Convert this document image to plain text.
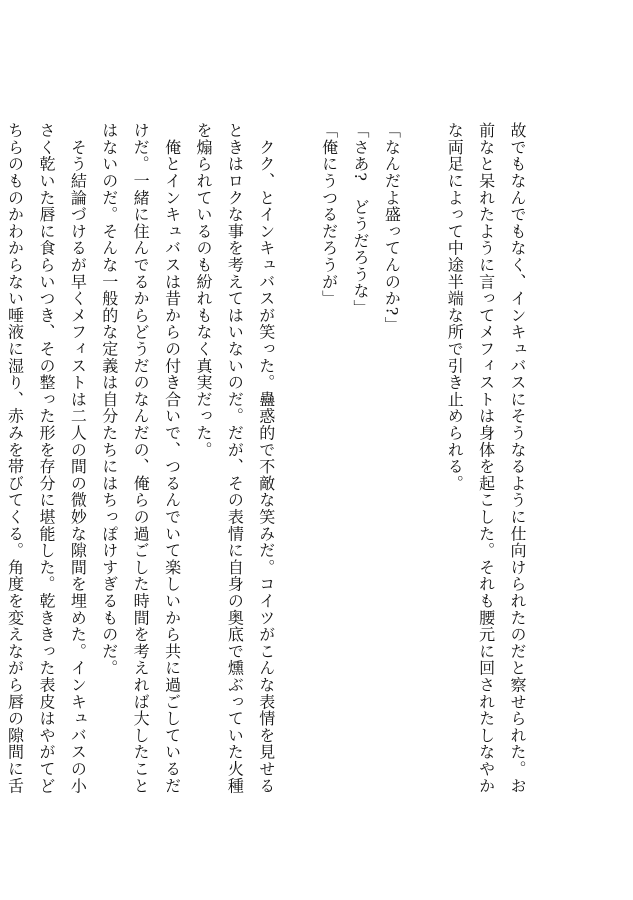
故でもなんでもなく、インキュバスにそうなるように仕向けられたのだと察せられた。お
前なと呆れたように言ってメフィストは身体を起こした。それも腰元に回されたしなやか
な両足によって中途半端な所で引き止められる。
「なんだよ盛ってんのか?」
「さあ?　どうだろうな」
「俺にうつるだろうが」
　クク、とインキュバスが笑った。蠱惑的で不敵な笑みだ。コイツがこんな表情を見せる
ときはロクな事を考えてはいないのだ。だが、その表情に自身の奥底で燻ぶっていた火種
を煽られているのも紛れもなく真実だった。
　俺とインキュバスは昔からの付き合いで、つるんでいて楽しいから共に過ごしているだ
けだ。一緒に住んでるからどうだのなんだの、俺らの過ごした時間を考えれば大したこと
はないのだ。そんな一般的な定義は自分たちにはちっぽけすぎるものだ。
　そう結論づけるが早くメフィストは二人の間の微妙な隙間を埋めた。インキュバスの小
さく乾いた唇に食らいつき、その整った形を存分に堪能した。乾ききった表皮はやがてど
ちらのものかわからない唾液に湿り、赤みを帯びてくる。角度を変えながら唇の隙間に舌
